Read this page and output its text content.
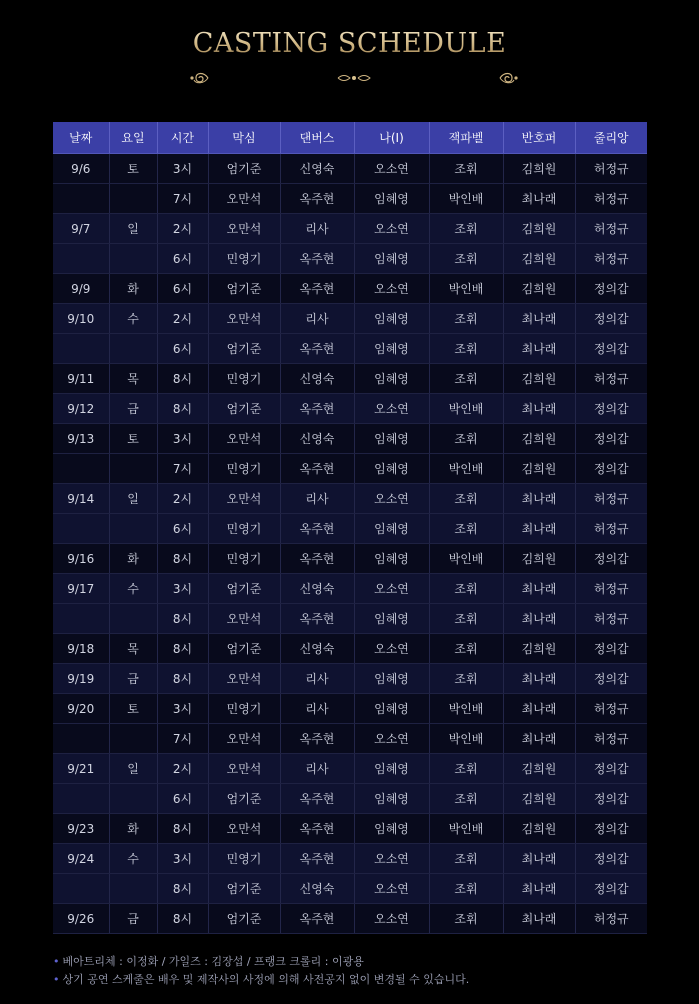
CASTING SCHEDULE
날짜	요일	시간	막심	댄버스	나(I)	잭파벨	반호퍼	줄리앙
9/6	토	3시	엄기준	신영숙	오소연	조휘	김희원	허정규
		7시	오만석	옥주현	임혜영	박인배	최나래	허정규
9/7	일	2시	오만석	리사	오소연	조휘	김희원	허정규
		6시	민영기	옥주현	임혜영	조휘	김희원	허정규
9/9	화	6시	엄기준	옥주현	오소연	박인배	김희원	정의갑
9/10	수	2시	오만석	리사	임혜영	조휘	최나래	정의갑
		6시	엄기준	옥주현	임혜영	조휘	최나래	정의갑
9/11	목	8시	민영기	신영숙	임혜영	조휘	김희원	허정규
9/12	금	8시	엄기준	옥주현	오소연	박인배	최나래	정의갑
9/13	토	3시	오만석	신영숙	임혜영	조휘	김희원	정의갑
		7시	민영기	옥주현	임혜영	박인배	김희원	정의갑
9/14	일	2시	오만석	리사	오소연	조휘	최나래	허정규
		6시	민영기	옥주현	임혜영	조휘	최나래	허정규
9/16	화	8시	민영기	옥주현	임혜영	박인배	김희원	정의갑
9/17	수	3시	엄기준	신영숙	오소연	조휘	최나래	허정규
		8시	오만석	옥주현	임혜영	조휘	최나래	허정규
9/18	목	8시	엄기준	신영숙	오소연	조휘	김희원	정의갑
9/19	금	8시	오만석	리사	임혜영	조휘	최나래	정의갑
9/20	토	3시	민영기	리사	임혜영	박인배	최나래	허정규
		7시	오만석	옥주현	오소연	박인배	최나래	허정규
9/21	일	2시	오만석	리사	임혜영	조휘	김희원	정의갑
		6시	엄기준	옥주현	임혜영	조휘	김희원	정의갑
9/23	화	8시	오만석	옥주현	임혜영	박인배	김희원	정의갑
9/24	수	3시	민영기	옥주현	오소연	조휘	최나래	정의갑
		8시	엄기준	신영숙	오소연	조휘	최나래	정의갑
9/26	금	8시	엄기준	옥주현	오소연	조휘	최나래	허정규
• 베아트리체 : 이정화 / 가일즈 : 김장섭 / 프랭크 크롤리 : 이광용
• 상기 공연 스케줄은 배우 및 제작사의 사정에 의해 사전공지 없이 변경될 수 있습니다.
